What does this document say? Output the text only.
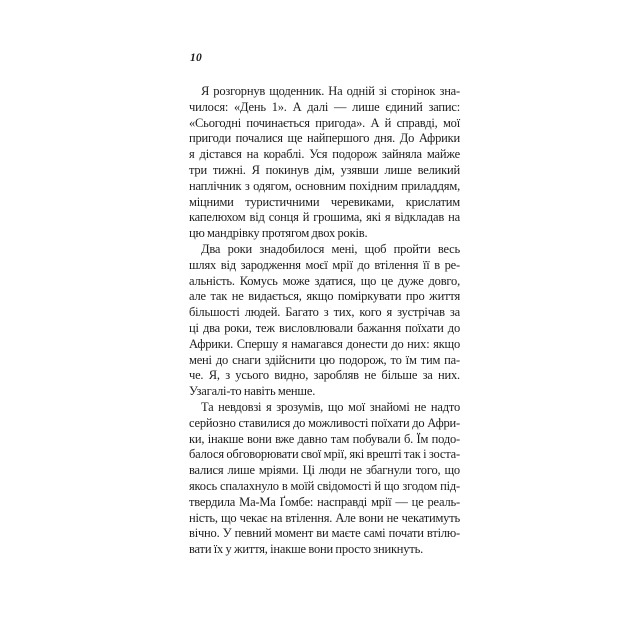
10
Я розгорнув щоденник. На одній зі сторінок зна-
чилося: «День 1». А далі — лише єдиний запис:
«Сьогодні починається пригода». А й справді, мої
пригоди почалися ще найпершого дня. До Африки
я дістався на кораблі. Уся подорож зайняла майже
три тижні. Я покинув дім, узявши лише великий
наплічник з одягом, основним похідним приладдям,
міцними туристичними черевиками, крислатим
капелюхом від сонця й грошима, які я відкладав на
цю мандрівку протягом двох років.
Два роки знадобилося мені, щоб пройти весь
шлях від зародження моєї мрії до втілення її в ре-
альність. Комусь може здатися, що це дуже довго,
але так не видається, якщо поміркувати про життя
більшості людей. Багато з тих, кого я зустрічав за
ці два роки, теж висловлювали бажання поїхати до
Африки. Спершу я намагався донести до них: якщо
мені до снаги здійснити цю подорож, то їм тим па-
че. Я, з усього видно, заробляв не більше за них.
Узагалі-то навіть менше.
Та невдовзі я зрозумів, що мої знайомі не надто
серйозно ставилися до можливості поїхати до Афри-
ки, інакше вони вже давно там побували б. Їм подо-
балося обговорювати свої мрії, які врешті так і зоста-
валися лише мріями. Ці люди не збагнули того, що
якось спалахнуло в моїй свідомості й що згодом під-
твердила Ма-Ма Ґомбе: насправді мрії — це реаль-
ність, що чекає на втілення. Але вони не чекатимуть
вічно. У певний момент ви маєте самі почати втілю-
вати їх у життя, інакше вони просто зникнуть.
